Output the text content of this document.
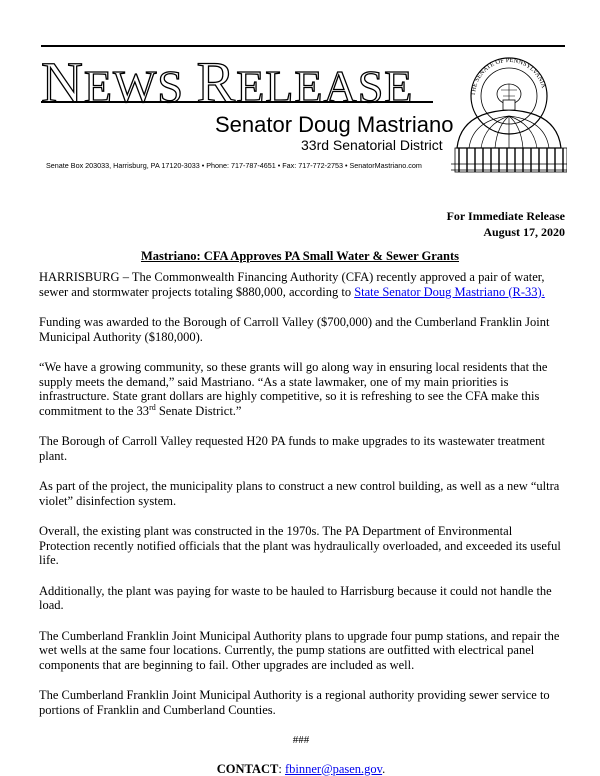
NEWS RELEASE
Senator Doug Mastriano
33rd Senatorial District
Senate Box 203033, Harrisburg, PA 17120-3033 • Phone: 717-787-4651 • Fax: 717-772-2753 • SenatorMastriano.com
THE SENATE OF PENNSYLVANIA
For Immediate Release
August 17, 2020
Mastriano: CFA Approves PA Small Water & Sewer Grants

HARRISBURG – The Commonwealth Financing Authority (CFA) recently approved a pair of water, sewer and stormwater projects totaling $880,000, according to State Senator Doug Mastriano (R-33).

Funding was awarded to the Borough of Carroll Valley ($700,000) and the Cumberland Franklin Joint Municipal Authority ($180,000).

“We have a growing community, so these grants will go along way in ensuring local residents that the supply meets the demand,” said Mastriano. “As a state lawmaker, one of my main priorities is infrastructure. State grant dollars are highly competitive, so it is refreshing to see the CFA make this commitment to the 33rd Senate District.”

The Borough of Carroll Valley requested H20 PA funds to make upgrades to its wastewater treatment plant.

As part of the project, the municipality plans to construct a new control building, as well as a new “ultra violet” disinfection system.

Overall, the existing plant was constructed in the 1970s. The PA Department of Environmental Protection recently notified officials that the plant was hydraulically overloaded, and exceeded its useful life.

Additionally, the plant was paying for waste to be hauled to Harrisburg because it could not handle the load.

The Cumberland Franklin Joint Municipal Authority plans to upgrade four pump stations, and repair the wet wells at the same four locations. Currently, the pump stations are outfitted with electrical panel components that are beginning to fail. Other upgrades are included as well.

The Cumberland Franklin Joint Municipal Authority is a regional authority providing sewer service to portions of Franklin and Cumberland Counties.

###
CONTACT: fbinner@pasen.gov.
